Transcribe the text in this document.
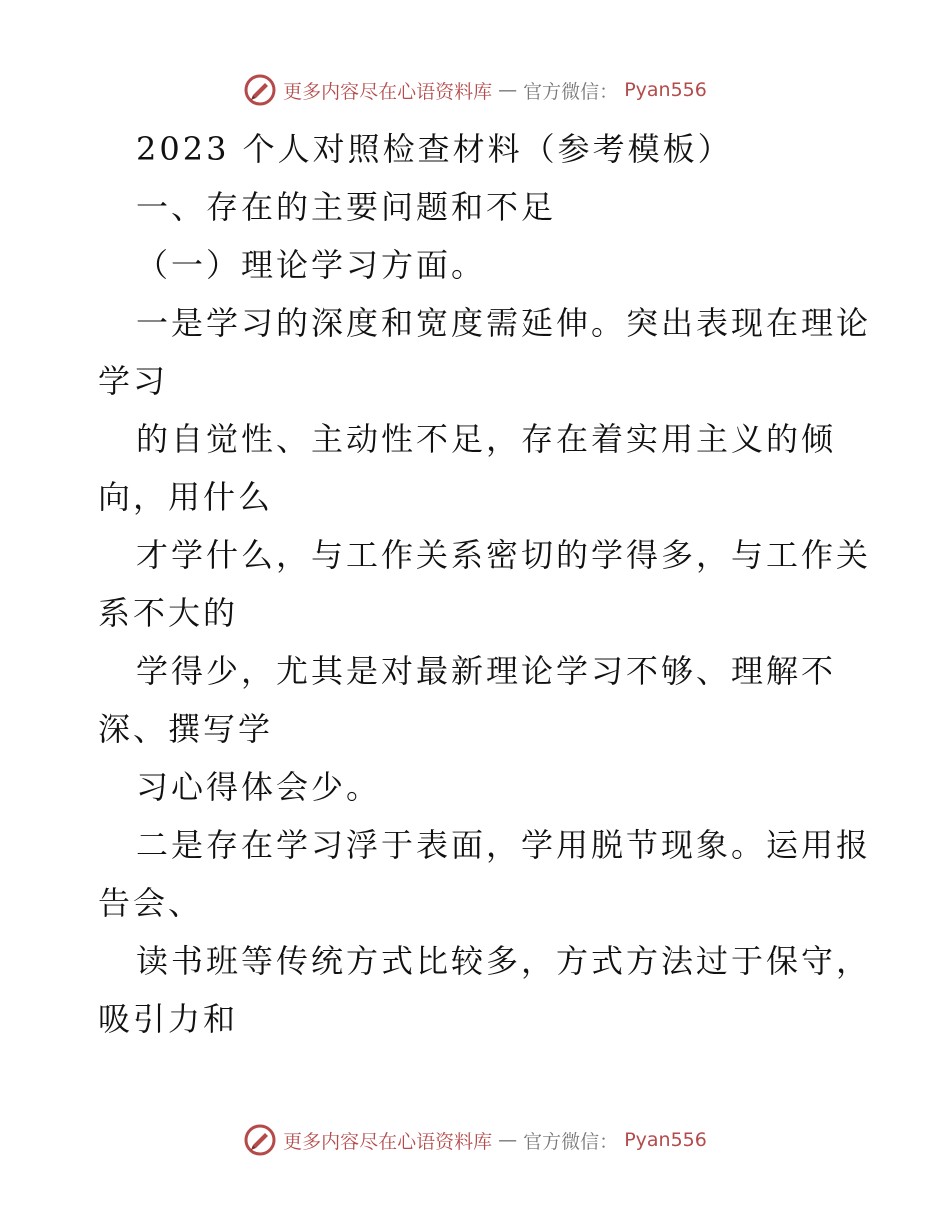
更多内容尽在心语资料库 — 官方微信： Pyan556
2023 个人对照检查材料（参考模板）
一、存在的主要问题和不足
（一）理论学习方面。
一是学习的深度和宽度需延伸。突出表现在理论
学习
的自觉性、主动性不足，存在着实用主义的倾
向，用什么
才学什么，与工作关系密切的学得多，与工作关
系不大的
学得少，尤其是对最新理论学习不够、理解不
深、撰写学
习心得体会少。
二是存在学习浮于表面，学用脱节现象。运用报
告会、
读书班等传统方式比较多，方式方法过于保守，
吸引力和
更多内容尽在心语资料库 — 官方微信： Pyan556
